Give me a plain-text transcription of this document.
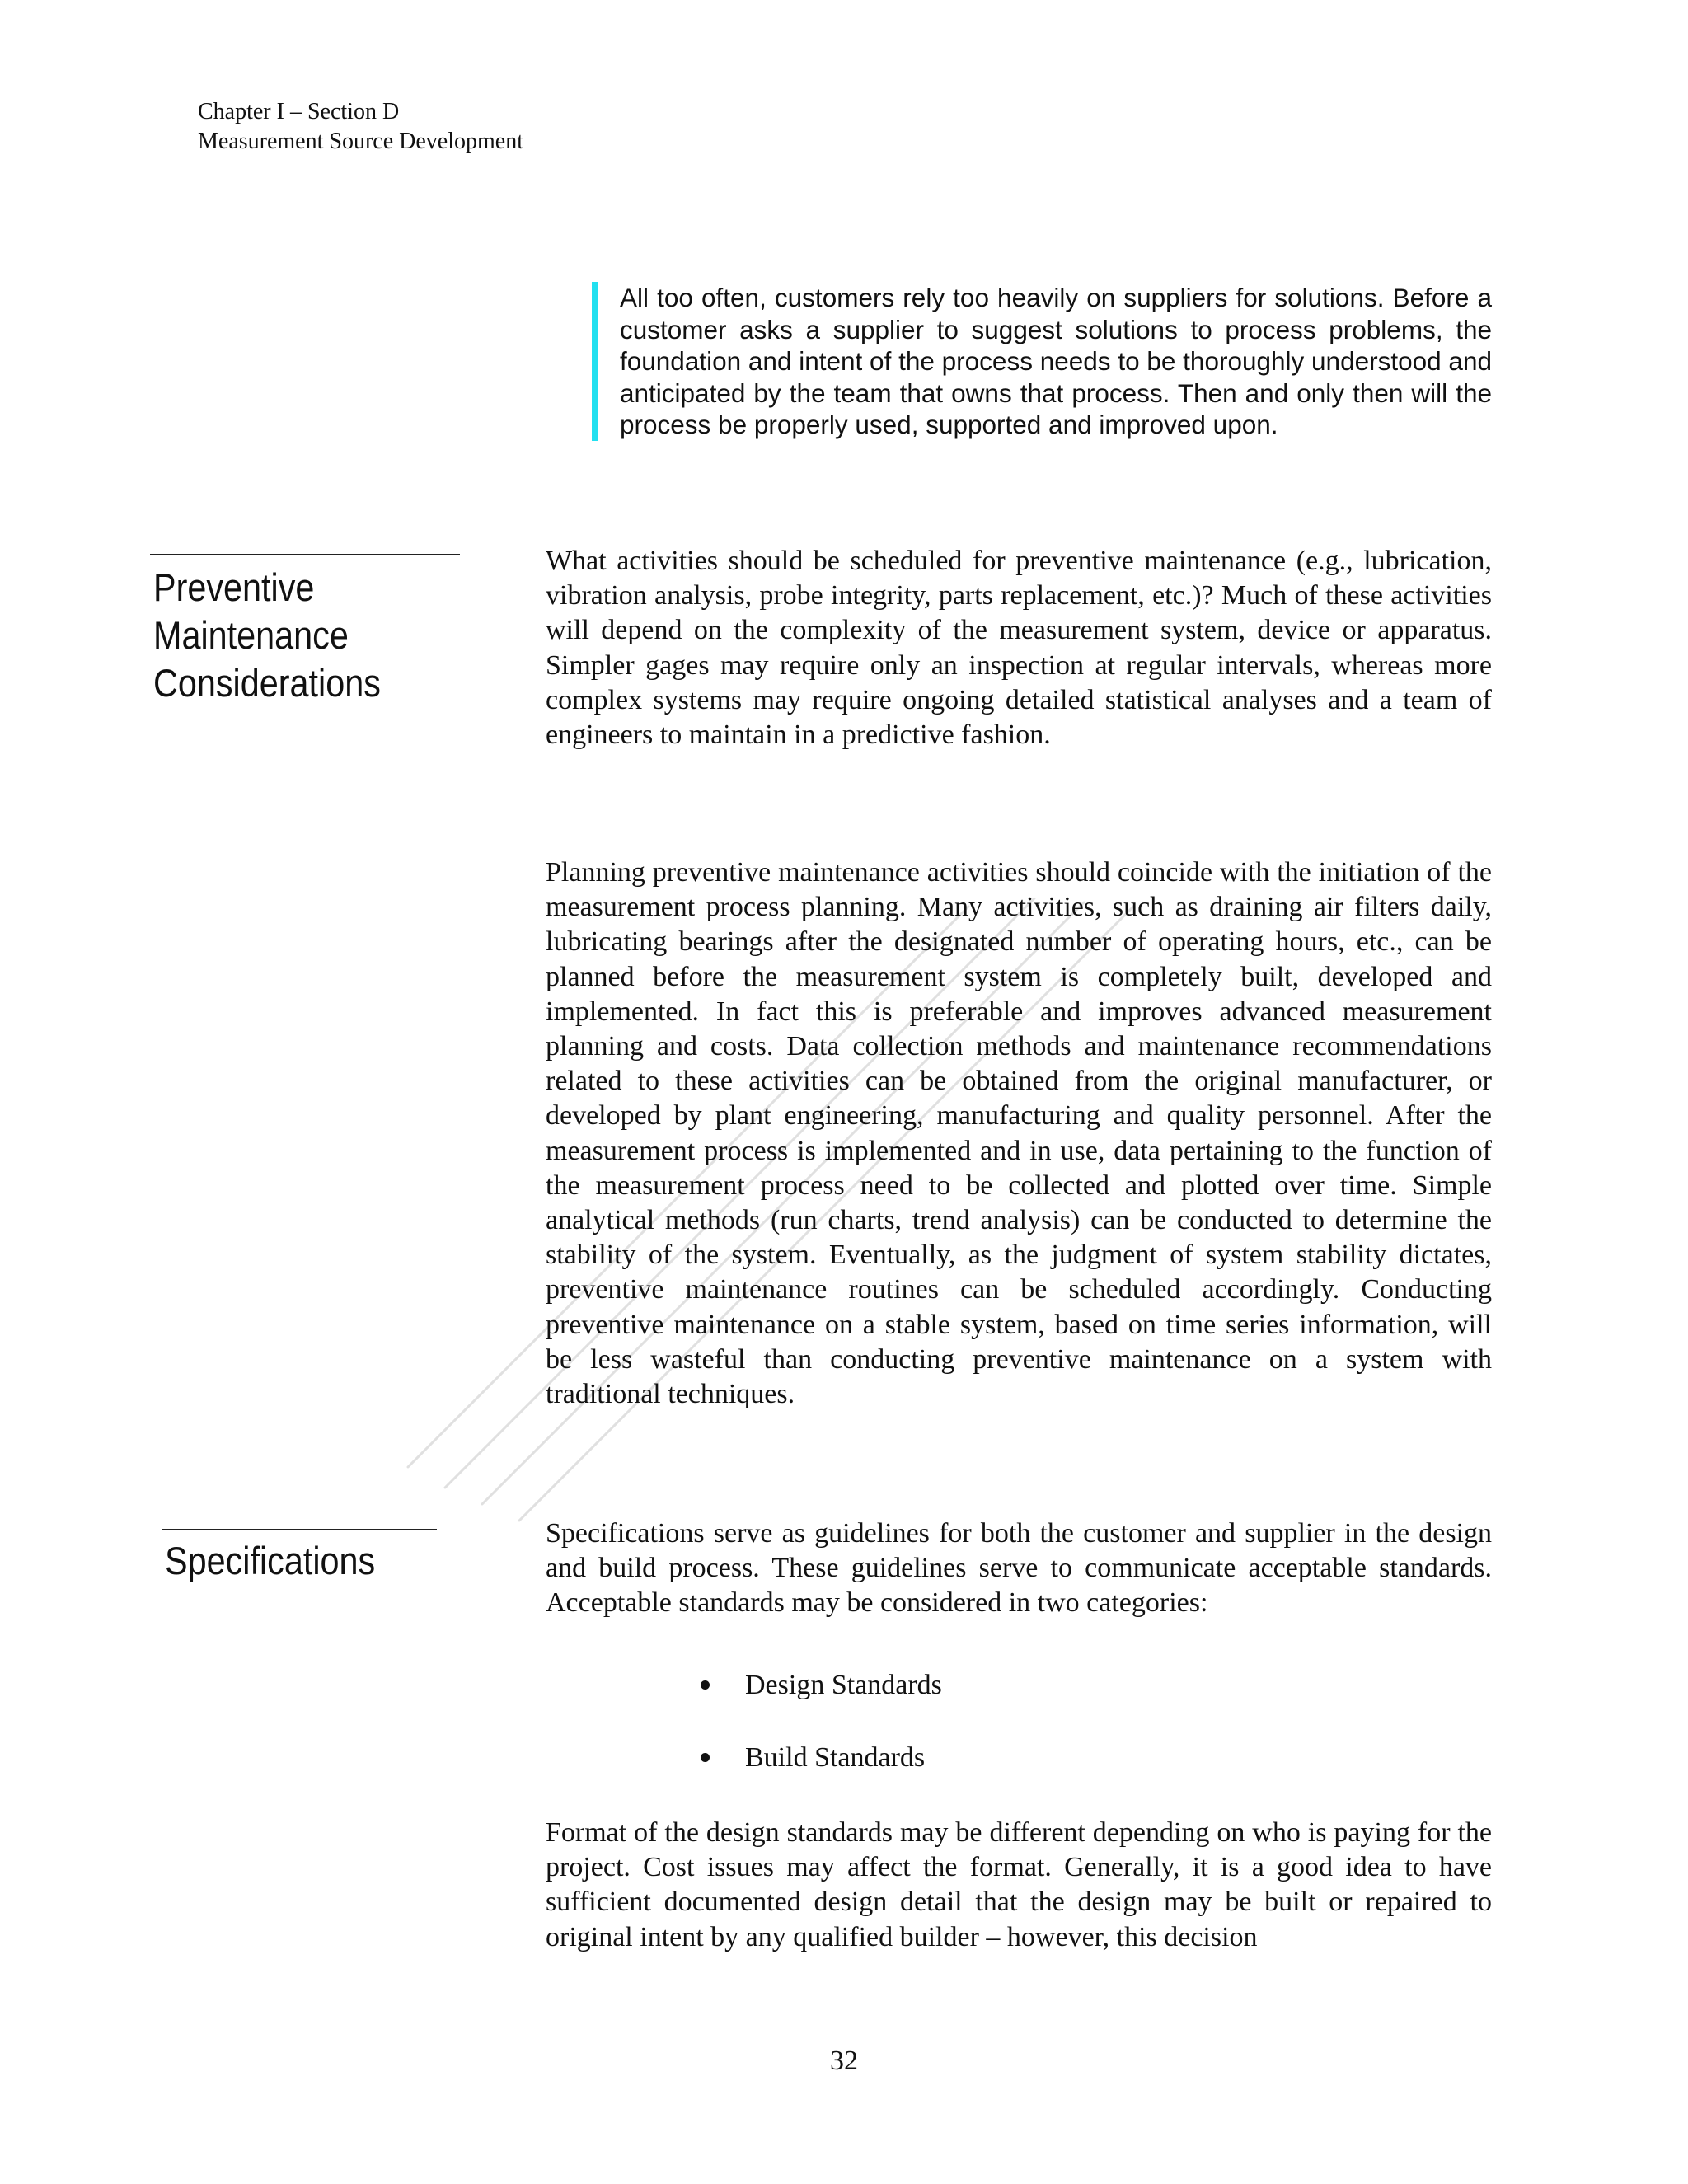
Chapter I – Section D
Measurement Source Development
All too often, customers rely too heavily on suppliers for solutions. Before a customer asks a supplier to suggest solutions to process problems, the foundation and intent of the process needs to be thoroughly understood and anticipated by the team that owns that process. Then and only then will the process be properly used, supported and improved upon.
Preventive
Maintenance
Considerations
What activities should be scheduled for preventive maintenance (e.g., lubrication, vibration analysis, probe integrity, parts replacement, etc.)? Much of these activities will depend on the complexity of the measurement system, device or apparatus. Simpler gages may require only an inspection at regular intervals, whereas more complex systems may require ongoing detailed statistical analyses and a team of engineers to maintain in a predictive fashion.
Planning preventive maintenance activities should coincide with the initiation of the measurement process planning. Many activities, such as draining air filters daily, lubricating bearings after the designated number of operating hours, etc., can be planned before the measurement system is completely built, developed and implemented. In fact this is preferable and improves advanced measurement planning and costs. Data collection methods and maintenance recommendations related to these activities can be obtained from the original manufacturer, or developed by plant engineering, manufacturing and quality personnel. After the measurement process is implemented and in use, data pertaining to the function of the measurement process need to be collected and plotted over time. Simple analytical methods (run charts, trend analysis) can be conducted to determine the stability of the system. Eventually, as the judgment of system stability dictates, preventive maintenance routines can be scheduled accordingly. Conducting preventive maintenance on a stable system, based on time series information, will be less wasteful than conducting preventive maintenance on a system with traditional techniques.
Specifications
Specifications serve as guidelines for both the customer and supplier in the design and build process. These guidelines serve to communicate acceptable standards. Acceptable standards may be considered in two categories:
Design Standards
Build Standards
Format of the design standards may be different depending on who is paying for the project. Cost issues may affect the format. Generally, it is a good idea to have sufficient documented design detail that the design may be built or repaired to original intent by any qualified builder – however, this decision
32
